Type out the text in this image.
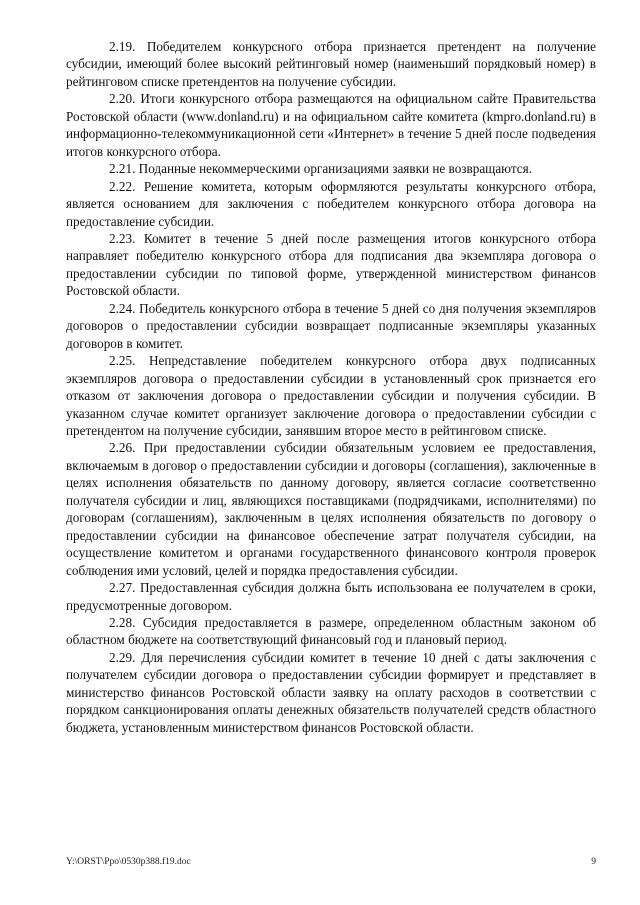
2.19. Победителем конкурсного отбора признается претендент на получение субсидии, имеющий более высокий рейтинговый номер (наименьший порядковый номер) в рейтинговом списке претендентов на получение субсидии.

2.20. Итоги конкурсного отбора размещаются на официальном сайте Правительства Ростовской области (www.donland.ru) и на официальном сайте комитета (kmpro.donland.ru) в информационно-телекоммуникационной сети «Интернет» в течение 5 дней после подведения итогов конкурсного отбора.

2.21. Поданные некоммерческими организациями заявки не возвращаются.

2.22. Решение комитета, которым оформляются результаты конкурсного отбора, является основанием для заключения с победителем конкурсного отбора договора на предоставление субсидии.

2.23. Комитет в течение 5 дней после размещения итогов конкурсного отбора направляет победителю конкурсного отбора для подписания два экземпляра договора о предоставлении субсидии по типовой форме, утвержденной министерством финансов Ростовской области.

2.24. Победитель конкурсного отбора в течение 5 дней со дня получения экземпляров договоров о предоставлении субсидии возвращает подписанные экземпляры указанных договоров в комитет.

2.25. Непредставление победителем конкурсного отбора двух подписанных экземпляров договора о предоставлении субсидии в установленный срок признается его отказом от заключения договора о предоставлении субсидии и получения субсидии. В указанном случае комитет организует заключение договора о предоставлении субсидии с претендентом на получение субсидии, занявшим второе место в рейтинговом списке.

2.26. При предоставлении субсидии обязательным условием ее предоставления, включаемым в договор о предоставлении субсидии и договоры (соглашения), заключенные в целях исполнения обязательств по данному договору, является согласие соответственно получателя субсидии и лиц, являющихся поставщиками (подрядчиками, исполнителями) по договорам (соглашениям), заключенным в целях исполнения обязательств по договору о предоставлении субсидии на финансовое обеспечение затрат получателя субсидии, на осуществление комитетом и органами государственного финансового контроля проверок соблюдения ими условий, целей и порядка предоставления субсидии.

2.27. Предоставленная субсидия должна быть использована ее получателем в сроки, предусмотренные договором.

2.28. Субсидия предоставляется в размере, определенном областным законом об областном бюджете на соответствующий финансовый год и плановый период.

2.29. Для перечисления субсидии комитет в течение 10 дней с даты заключения с получателем субсидии договора о предоставлении субсидии формирует и представляет в министерство финансов Ростовской области заявку на оплату расходов в соответствии с порядком санкционирования оплаты денежных обязательств получателей средств областного бюджета, установленным министерством финансов Ростовской области.

Y:\ORST\Ppo\0530p388.f19.doc	9
